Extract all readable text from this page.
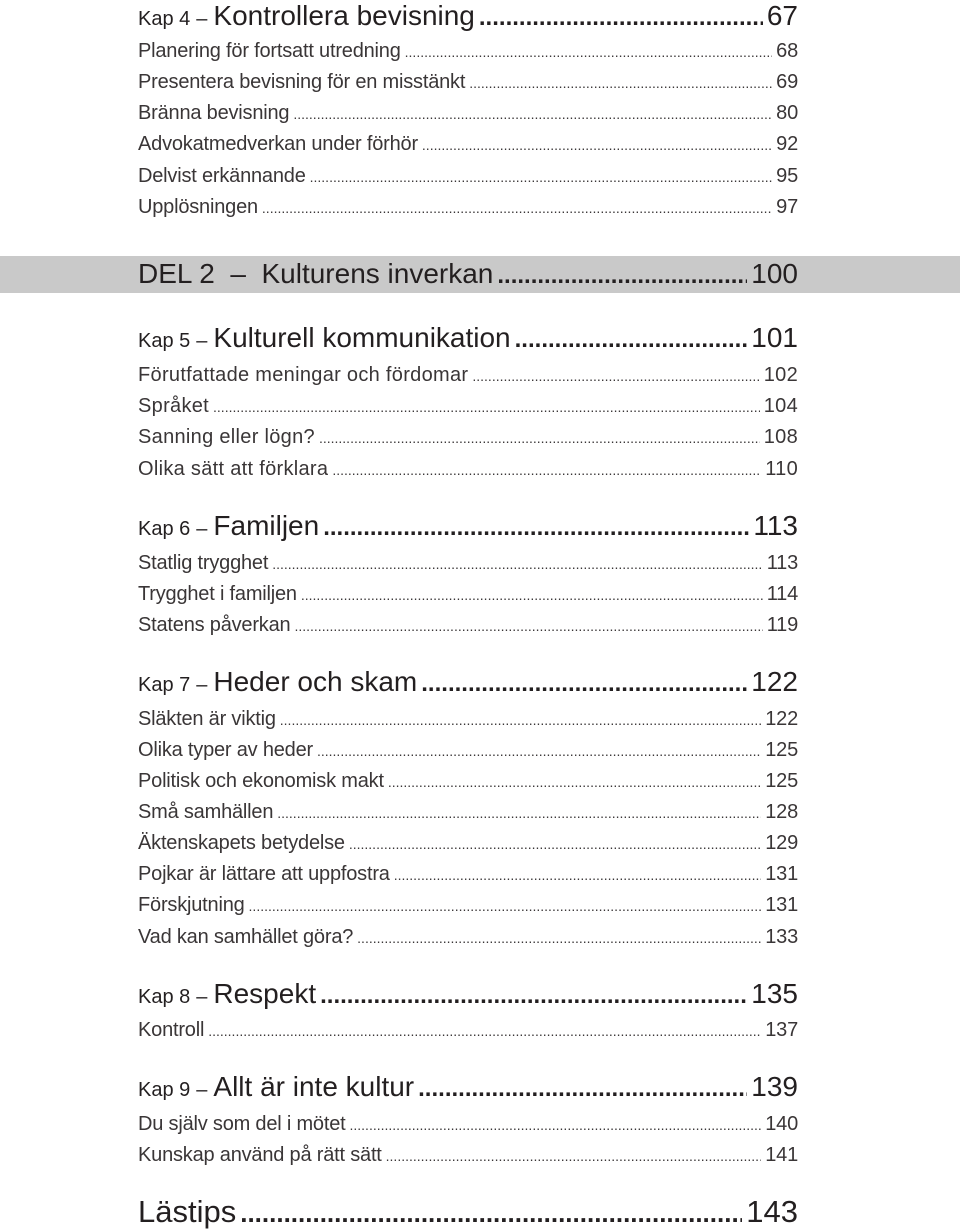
Kap 4 – Kontrollera bevisning .....	67
Planering för fortsatt utredning .....	68
Presentera bevisning för en misstänkt .....	69
Bränna bevisning .....	80
Advokatmedverkan under förhör .....	92
Delvist erkännande .....	95
Upplösningen .....	97
DEL 2  –  Kulturens inverkan .....	100
Kap 5 – Kulturell kommunikation .....	101
Förutfattade meningar och fördomar .....	102
Språket .....	104
Sanning eller lögn? .....	108
Olika sätt att förklara .....	110
Kap 6 – Familjen .....	113
Statlig trygghet .....	113
Trygghet i familjen .....	114
Statens påverkan .....	119
Kap 7 – Heder och skam .....	122
Släkten är viktig .....	122
Olika typer av heder .....	125
Politisk och ekonomisk makt .....	125
Små samhällen .....	128
Äktenskapets betydelse .....	129
Pojkar är lättare att uppfostra .....	131
Förskjutning .....	131
Vad kan samhället göra? .....	133
Kap 8 – Respekt .....	135
Kontroll .....	137
Kap 9 – Allt är inte kultur .....	139
Du själv som del i mötet .....	140
Kunskap använd på rätt sätt .....	141
Lästips .....	143
